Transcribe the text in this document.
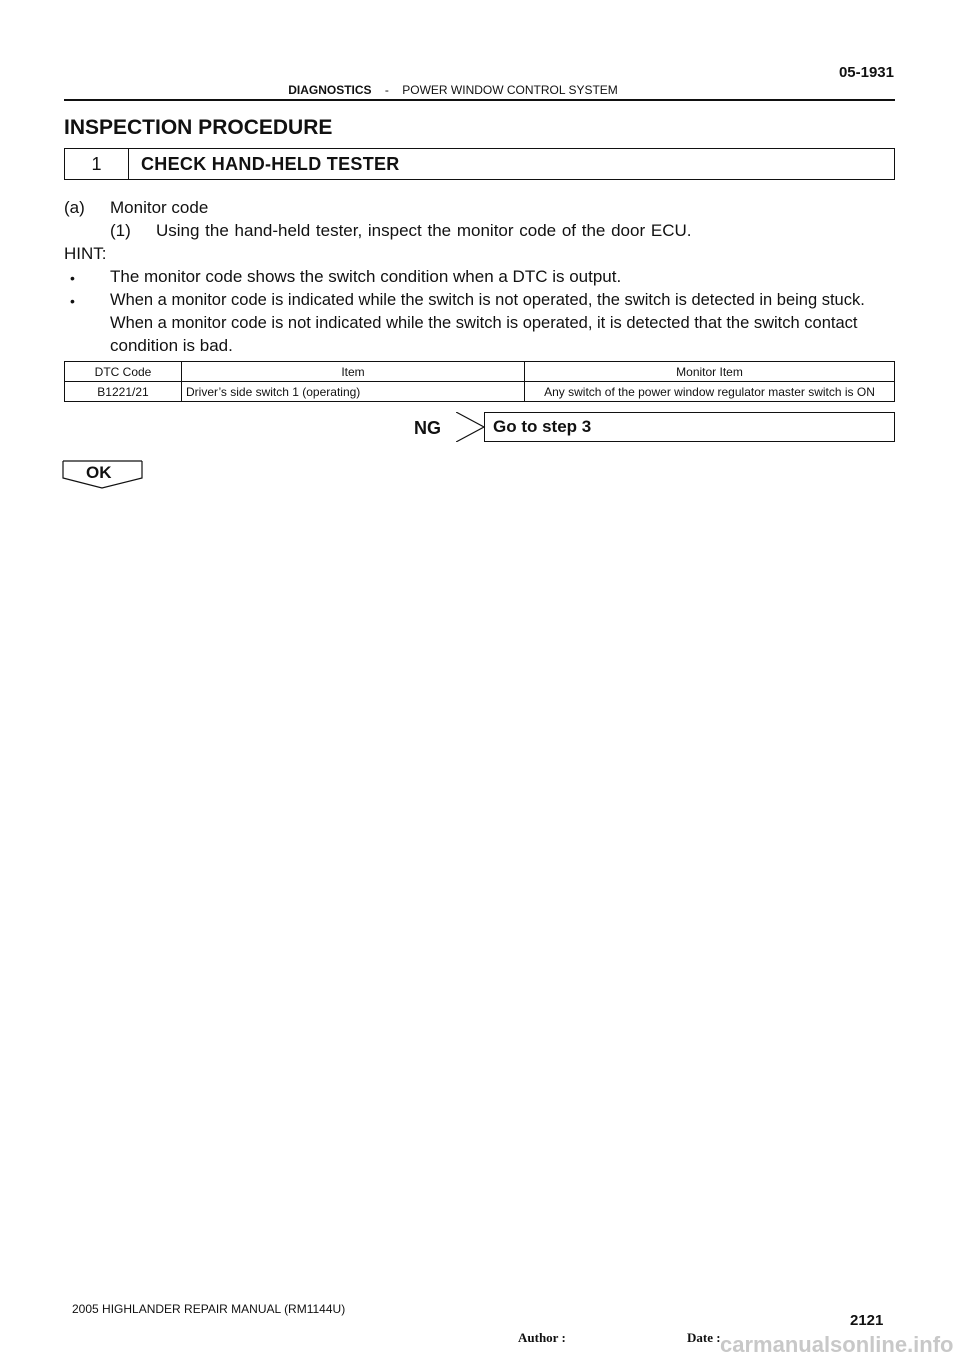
05-1931
DIAGNOSTICS - POWER WINDOW CONTROL SYSTEM
INSPECTION PROCEDURE
1	CHECK HAND-HELD TESTER
(a) Monitor code
(1) Using the hand-held tester, inspect the monitor code of the door ECU.
HINT:
• The monitor code shows the switch condition when a DTC is output.
• When a monitor code is indicated while the switch is not operated, the switch is detected in being stuck.
When a monitor code is not indicated while the switch is operated, it is detected that the switch contact
condition is bad.
DTC Code	Item	Monitor Item
B1221/21	Driver’s side switch 1 (operating)	Any switch of the power window regulator master switch is ON
NG	Go to step 3
OK
2005 HIGHLANDER REPAIR MANUAL (RM1144U)
2121
Author :	Date : carmanualsonline.info
